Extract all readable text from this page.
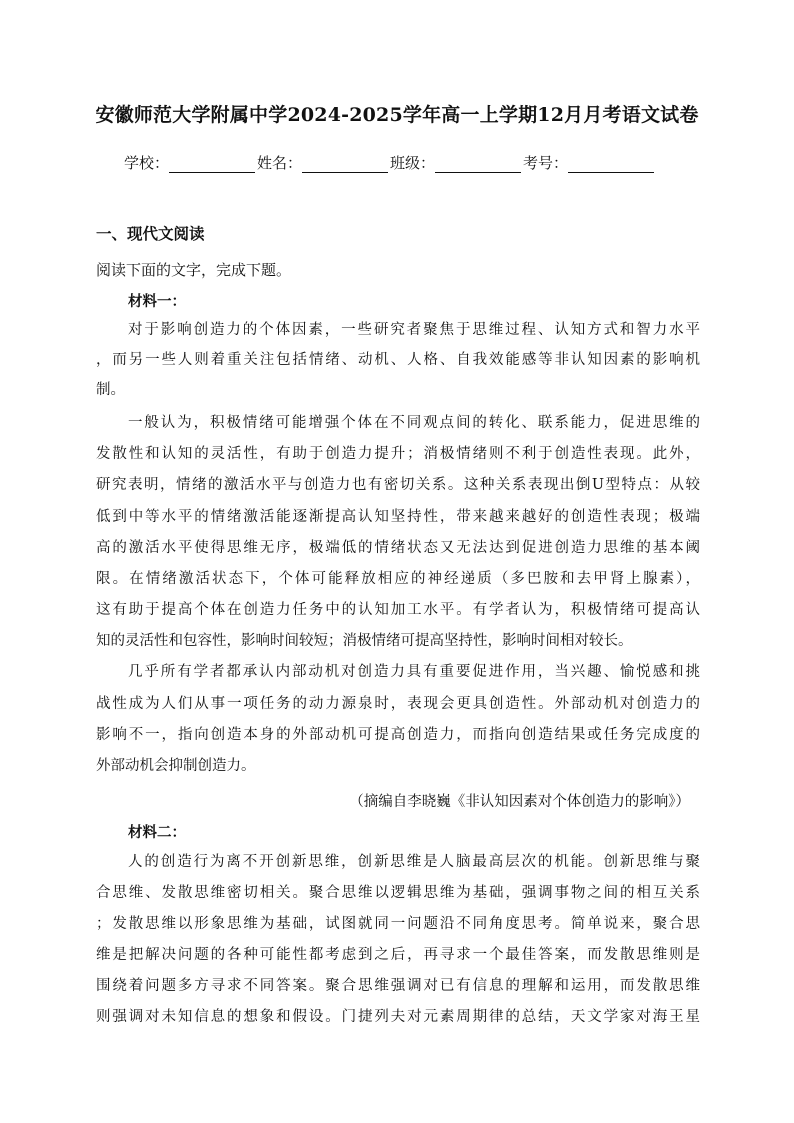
安徽师范大学附属中学2024-2025学年高一上学期12月月考语文试卷
学校：	姓名：	班级：	考号：
一、现代文阅读
阅读下面的文字，完成下题。
材料一：
对于影响创造力的个体因素，一些研究者聚焦于思维过程、认知方式和智力水平
，而另一些人则着重关注包括情绪、动机、人格、自我效能感等非认知因素的影响机
制。
一般认为，积极情绪可能增强个体在不同观点间的转化、联系能力，促进思维的
发散性和认知的灵活性，有助于创造力提升；消极情绪则不利于创造性表现。此外，
研究表明，情绪的激活水平与创造力也有密切关系。这种关系表现出倒U型特点：从较
低到中等水平的情绪激活能逐渐提高认知坚持性，带来越来越好的创造性表现；极端
高的激活水平使得思维无序，极端低的情绪状态又无法达到促进创造力思维的基本阈
限。在情绪激活状态下，个体可能释放相应的神经递质（多巴胺和去甲肾上腺素），
这有助于提高个体在创造力任务中的认知加工水平。有学者认为，积极情绪可提高认
知的灵活性和包容性，影响时间较短；消极情绪可提高坚持性，影响时间相对较长。
几乎所有学者都承认内部动机对创造力具有重要促进作用，当兴趣、愉悦感和挑
战性成为人们从事一项任务的动力源泉时，表现会更具创造性。外部动机对创造力的
影响不一，指向创造本身的外部动机可提高创造力，而指向创造结果或任务完成度的
外部动机会抑制创造力。
（摘编自李晓巍《非认知因素对个体创造力的影响》）
材料二：
人的创造行为离不开创新思维，创新思维是人脑最高层次的机能。创新思维与聚
合思维、发散思维密切相关。聚合思维以逻辑思维为基础，强调事物之间的相互关系
；发散思维以形象思维为基础，试图就同一问题沿不同角度思考。简单说来，聚合思
维是把解决问题的各种可能性都考虑到之后，再寻求一个最佳答案，而发散思维则是
围绕着问题多方寻求不同答案。聚合思维强调对已有信息的理解和运用，而发散思维
则强调对未知信息的想象和假设。门捷列夫对元素周期律的总结，天文学家对海王星
